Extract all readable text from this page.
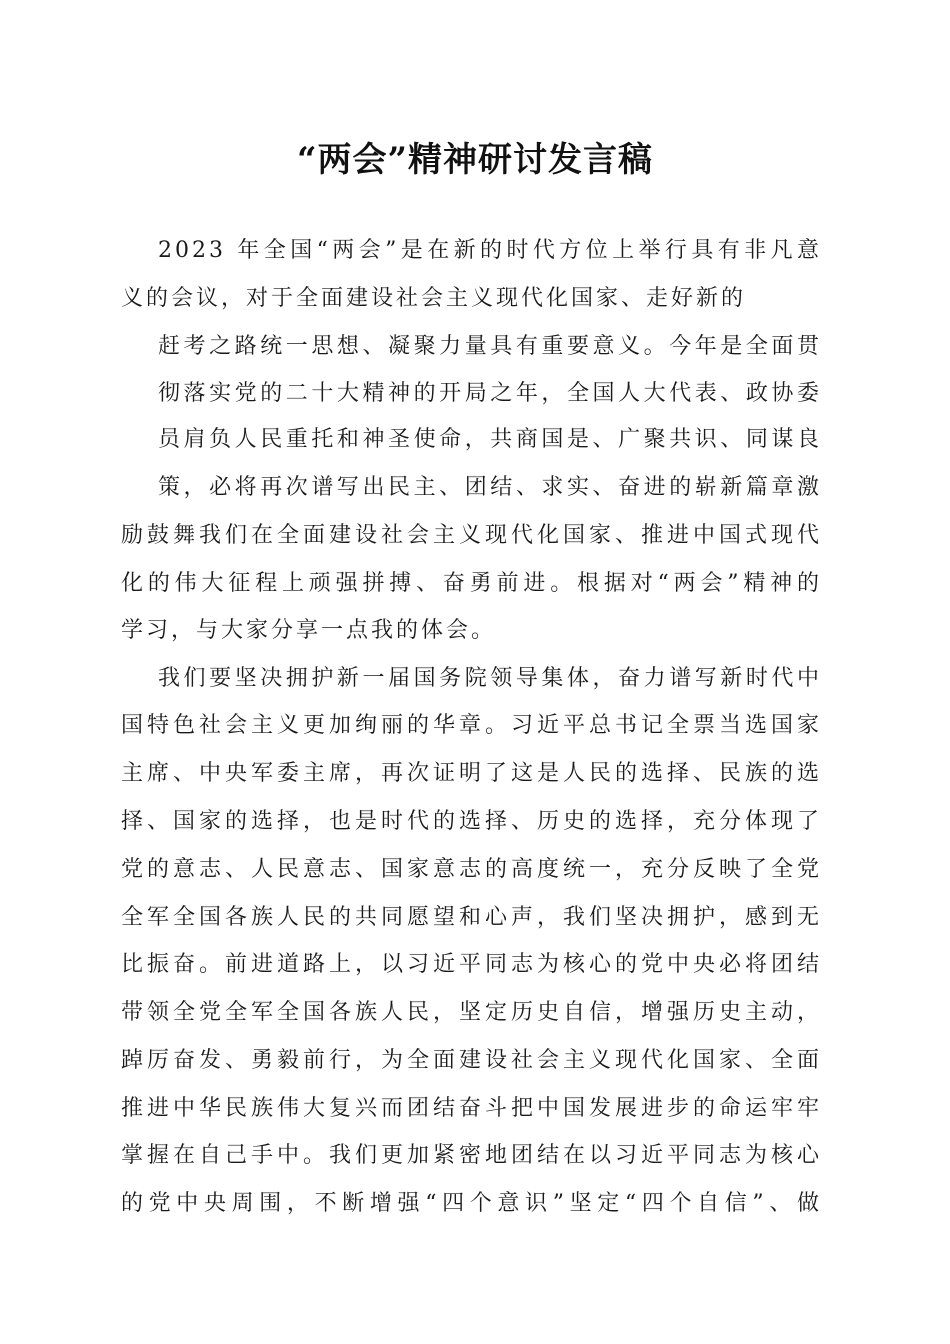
“两会”精神研讨发言稿
2023 年全国“两会”是在新的时代方位上举行具有非凡意
义的会议，对于全面建设社会主义现代化国家、走好新的
赶考之路统一思想、凝聚力量具有重要意义。今年是全面贯
彻落实党的二十大精神的开局之年，全国人大代表、政协委
员肩负人民重托和神圣使命，共商国是、广聚共识、同谋良
策，必将再次谱写出民主、团结、求实、奋进的崭新篇章激
励鼓舞我们在全面建设社会主义现代化国家、推进中国式现代
化的伟大征程上顽强拼搏、奋勇前进。根据对“两会”精神的
学习，与大家分享一点我的体会。
我们要坚决拥护新一届国务院领导集体，奋力谱写新时代中
国特色社会主义更加绚丽的华章。习近平总书记全票当选国家
主席、中央军委主席，再次证明了这是人民的选择、民族的选
择、国家的选择，也是时代的选择、历史的选择，充分体现了
党的意志、人民意志、国家意志的高度统一，充分反映了全党
全军全国各族人民的共同愿望和心声，我们坚决拥护，感到无
比振奋。前进道路上，以习近平同志为核心的党中央必将团结
带领全党全军全国各族人民，坚定历史自信，增强历史主动，
踔厉奋发、勇毅前行，为全面建设社会主义现代化国家、全面
推进中华民族伟大复兴而团结奋斗把中国发展进步的命运牢牢
掌握在自己手中。我们更加紧密地团结在以习近平同志为核心
的党中央周围，不断增强“四个意识”坚定“四个自信”、做
